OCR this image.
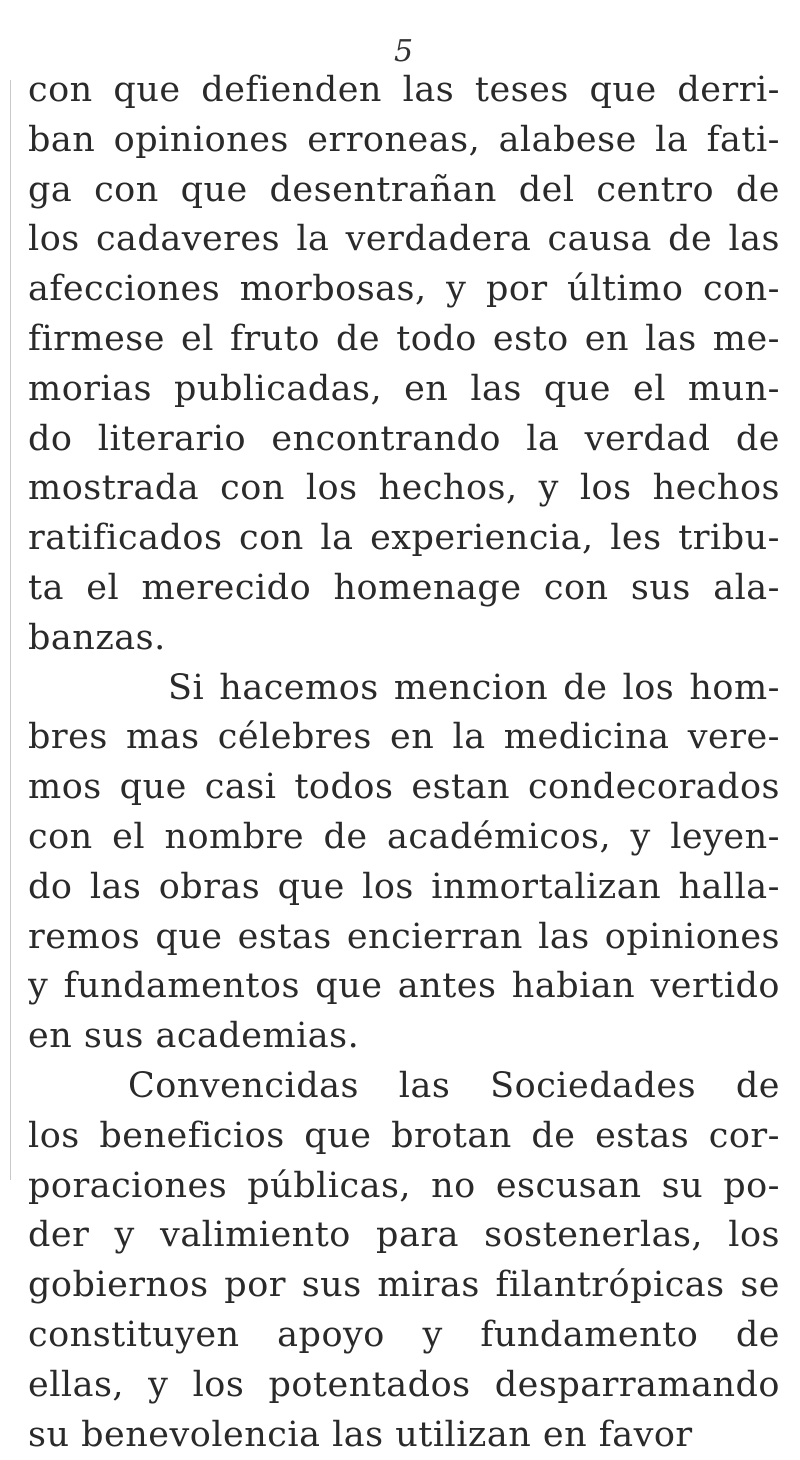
5
con que defienden las teses que derri-
ban opiniones erroneas, alabese la fati-
ga con que desentrañan del centro de
los cadaveres la verdadera causa de las
afecciones morbosas, y por último con-
firmese el fruto de todo esto en las me-
morias publicadas, en las que el mun-
do literario encontrando la verdad de
mostrada con los hechos, y los hechos
ratificados con la experiencia, les tribu-
ta el merecido homenage con sus ala-
banzas.
Si hacemos mencion de los hom-
bres mas célebres en la medicina vere-
mos que casi todos estan condecorados
con el nombre de académicos, y leyen-
do las obras que los inmortalizan halla-
remos que estas encierran las opiniones
y fundamentos que antes habian vertido
en sus academias.
Convencidas las Sociedades de
los beneficios que brotan de estas cor-
poraciones públicas, no escusan su po-
der y valimiento para sostenerlas, los
gobiernos por sus miras filantrópicas se
constituyen apoyo y fundamento de
ellas, y los potentados desparramando
su benevolencia las utilizan en favor
